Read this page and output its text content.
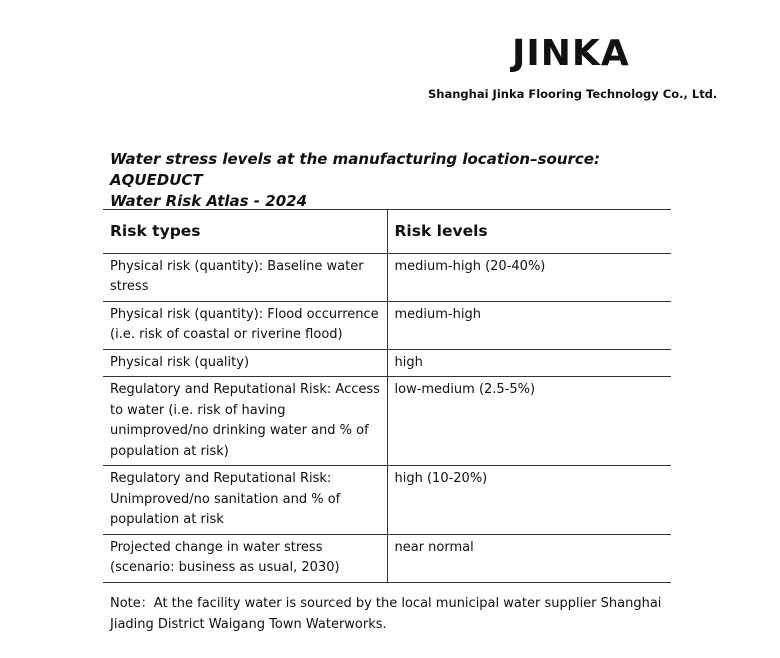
JINKA
Shanghai Jinka Flooring Technology Co., Ltd.
Water stress levels at the manufacturing location–source: AQUEDUCT
Water Risk Atlas - 2024
Risk types	Risk levels
Physical risk (quantity): Baseline water stress	medium-high (20-40%)
Physical risk (quantity): Flood occurrence (i.e. risk of coastal or riverine flood)	medium-high
Physical risk (quality)	high
Regulatory and Reputational Risk: Access to water (i.e. risk of having unimproved/no drinking water and % of population at risk)	low-medium (2.5-5%)
Regulatory and Reputational Risk: Unimproved/no sanitation and % of population at risk	high (10-20%)
Projected change in water stress (scenario: business as usual, 2030)	near normal
Note：At the facility water is sourced by the local municipal water supplier Shanghai Jiading District Waigang Town Waterworks.
